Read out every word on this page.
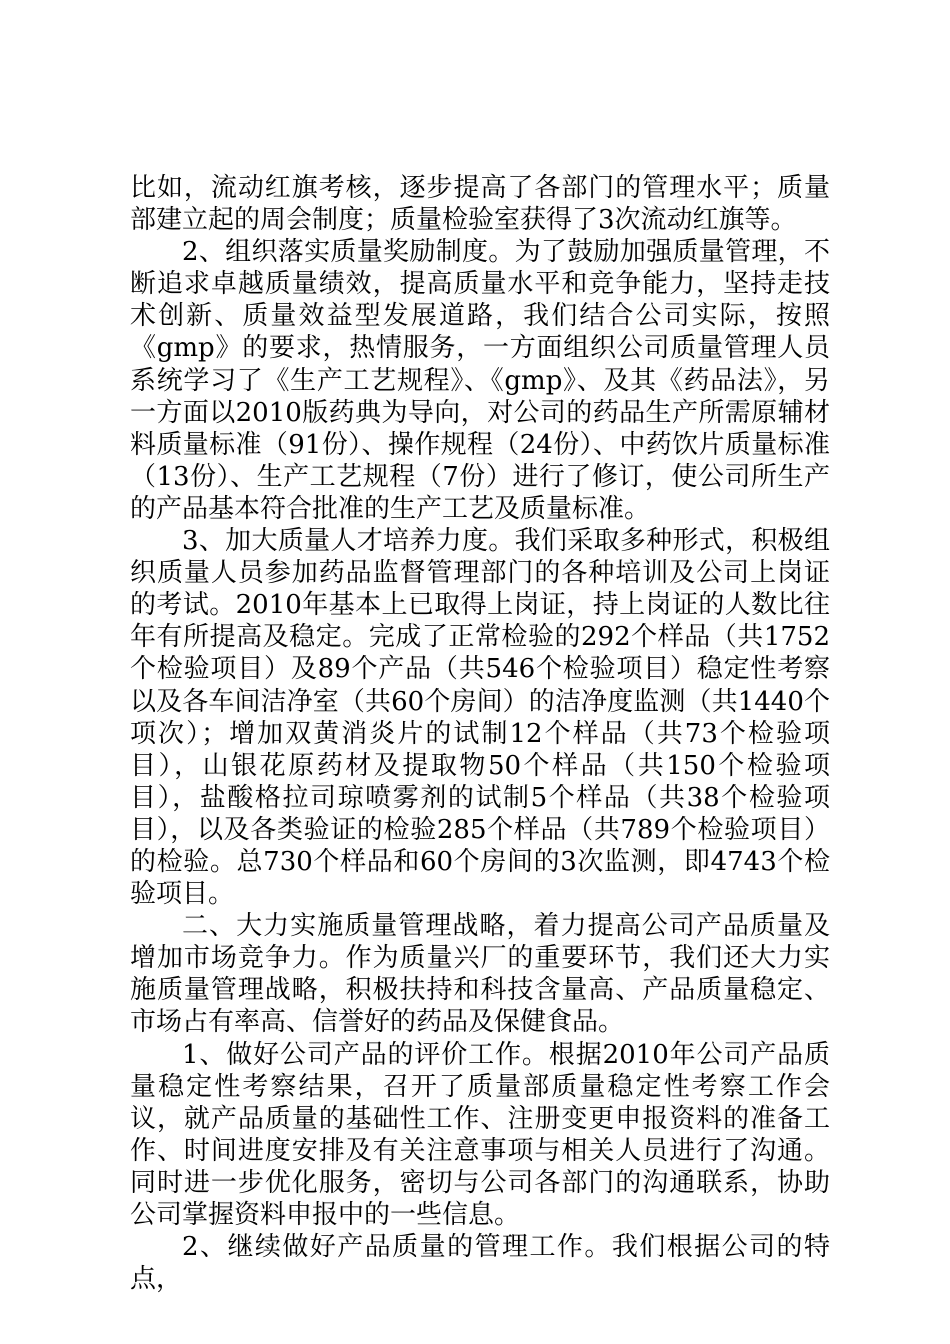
比如，流动红旗考核，逐步提高了各部门的管理水平；质量部建立起的周会制度；质量检验室获得了3次流动红旗等。

2、组织落实质量奖励制度。为了鼓励加强质量管理，不断追求卓越质量绩效，提高质量水平和竞争能力，坚持走技术创新、质量效益型发展道路，我们结合公司实际，按照《gmp》的要求，热情服务，一方面组织公司质量管理人员系统学习了《生产工艺规程》、《gmp》、及其《药品法》，另一方面以2010版药典为导向，对公司的药品生产所需原辅材料质量标准（91份）、操作规程（24份）、中药饮片质量标准（13份）、生产工艺规程（7份）进行了修订，使公司所生产的产品基本符合批准的生产工艺及质量标准。

3、加大质量人才培养力度。我们采取多种形式，积极组织质量人员参加药品监督管理部门的各种培训及公司上岗证的考试。2010年基本上已取得上岗证，持上岗证的人数比往年有所提高及稳定。完成了正常检验的292个样品（共1752个检验项目）及89个产品（共546个检验项目）稳定性考察以及各车间洁净室（共60个房间）的洁净度监测（共1440个项次）；增加双黄消炎片的试制12个样品（共73个检验项目），山银花原药材及提取物50个样品（共150个检验项目），盐酸格拉司琼喷雾剂的试制5个样品（共38个检验项目），以及各类验证的检验285个样品（共789个检验项目）的检验。总730个样品和60个房间的3次监测，即4743个检验项目。

二、大力实施质量管理战略，着力提高公司产品质量及增加市场竞争力。作为质量兴厂的重要环节，我们还大力实施质量管理战略，积极扶持和科技含量高、产品质量稳定、市场占有率高、信誉好的药品及保健食品。

1、做好公司产品的评价工作。根据2010年公司产品质量稳定性考察结果，召开了质量部质量稳定性考察工作会议，就产品质量的基础性工作、注册变更申报资料的准备工作、时间进度安排及有关注意事项与相关人员进行了沟通。同时进一步优化服务，密切与公司各部门的沟通联系，协助公司掌握资料申报中的一些信息。

2、继续做好产品质量的管理工作。我们根据公司的特点，
